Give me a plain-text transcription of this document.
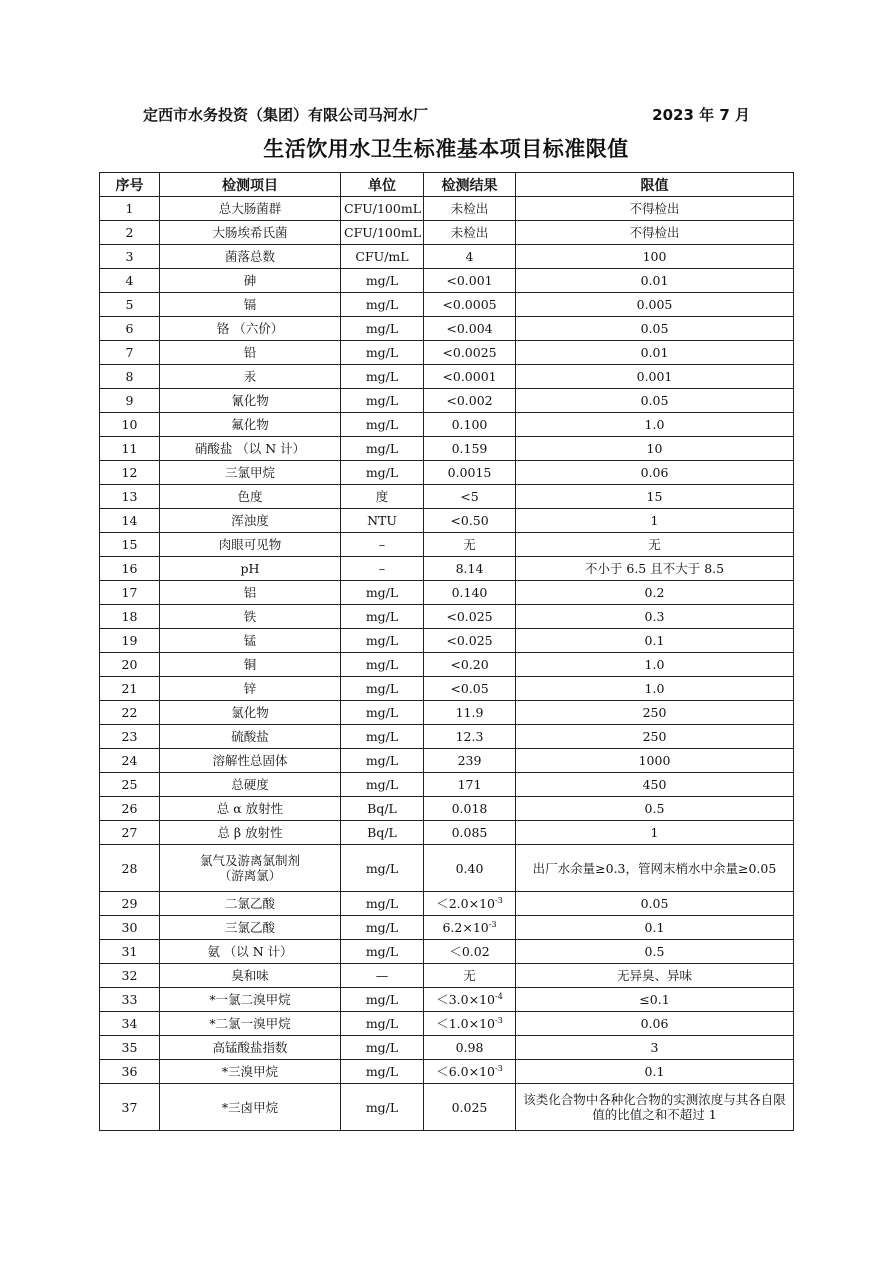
定西市水务投资（集团）有限公司马河水厂	2023 年 7 月
生活饮用水卫生标准基本项目标准限值
序号	检测项目	单位	检测结果	限值
1	总大肠菌群	CFU/100mL	未检出	不得检出
2	大肠埃希氏菌	CFU/100mL	未检出	不得检出
3	菌落总数	CFU/mL	4	100
4	砷	mg/L	<0.001	0.01
5	镉	mg/L	<0.0005	0.005
6	铬 （六价）	mg/L	<0.004	0.05
7	铅	mg/L	<0.0025	0.01
8	汞	mg/L	<0.0001	0.001
9	氰化物	mg/L	<0.002	0.05
10	氟化物	mg/L	0.100	1.0
11	硝酸盐 （以 N 计）	mg/L	0.159	10
12	三氯甲烷	mg/L	0.0015	0.06
13	色度	度	<5	15
14	浑浊度	NTU	<0.50	1
15	肉眼可见物	–	无	无
16	pH	–	8.14	不小于 6.5 且不大于 8.5
17	铝	mg/L	0.140	0.2
18	铁	mg/L	<0.025	0.3
19	锰	mg/L	<0.025	0.1
20	铜	mg/L	<0.20	1.0
21	锌	mg/L	<0.05	1.0
22	氯化物	mg/L	11.9	250
23	硫酸盐	mg/L	12.3	250
24	溶解性总固体	mg/L	239	1000
25	总硬度	mg/L	171	450
26	总 α 放射性	Bq/L	0.018	0.5
27	总 β 放射性	Bq/L	0.085	1
28	氯气及游离氯制剂
（游离氯）	mg/L	0.40	出厂水余量≥0.3，管网末梢水中余量≥0.05
29	二氯乙酸	mg/L	$<2.0\times 10^{-3}$	0.05
30	三氯乙酸	mg/L	$6.2\times 10^{-3}$	0.1
31	氨 （以 N 计）	mg/L	＜0.02	0.5
32	臭和味	—	无	无异臭、异味
33	*一氯二溴甲烷	mg/L	$<3.0\times 10^{-4}$	≤0.1
34	*二氯一溴甲烷	mg/L	$<1.0\times 10^{-3}$	0.06
35	高锰酸盐指数	mg/L	0.98	3
36	*三溴甲烷	mg/L	$<6.0\times 10^{-3}$	0.1
37	*三卤甲烷	mg/L	0.025	该类化合物中各种化合物的实测浓度与其各自限值的比值之和不超过 1
